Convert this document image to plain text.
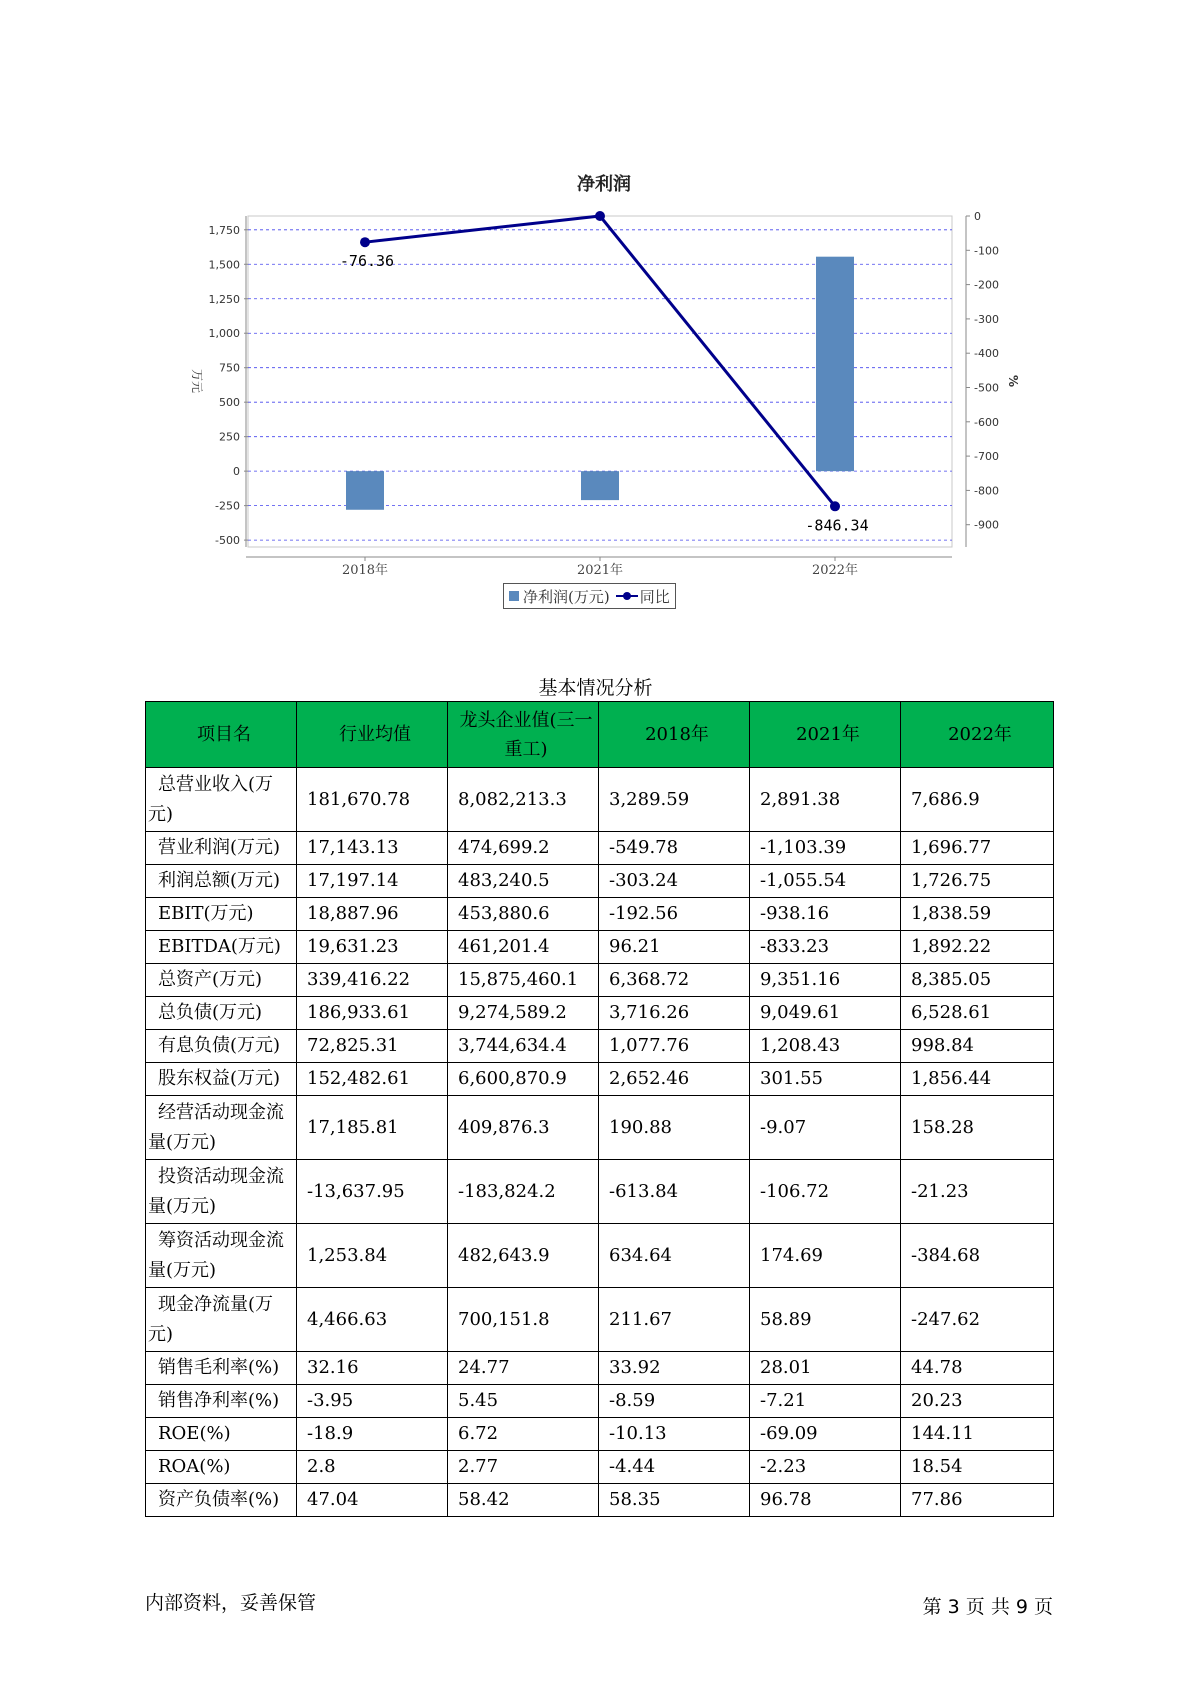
净利润
1,750
1,500
1,250
1,000
750
500
250
0
-250
-500
0
-100
-200
-300
-400
-500
-600
-700
-800
-900
万元	%
2018年	2021年	2022年
-76.36
-846.34
净利润(万元) 同比
基本情况分析
项目名	行业均值	龙头企业值(三一重工)	2018年	2021年	2022年
总营业收入(万元)	181,670.78	8,082,213.3	3,289.59	2,891.38	7,686.9
营业利润(万元)	17,143.13	474,699.2	-549.78	-1,103.39	1,696.77
利润总额(万元)	17,197.14	483,240.5	-303.24	-1,055.54	1,726.75
EBIT(万元)	18,887.96	453,880.6	-192.56	-938.16	1,838.59
EBITDA(万元)	19,631.23	461,201.4	96.21	-833.23	1,892.22
总资产(万元)	339,416.22	15,875,460.1	6,368.72	9,351.16	8,385.05
总负债(万元)	186,933.61	9,274,589.2	3,716.26	9,049.61	6,528.61
有息负债(万元)	72,825.31	3,744,634.4	1,077.76	1,208.43	998.84
股东权益(万元)	152,482.61	6,600,870.9	2,652.46	301.55	1,856.44
经营活动现金流量(万元)	17,185.81	409,876.3	190.88	-9.07	158.28
投资活动现金流量(万元)	-13,637.95	-183,824.2	-613.84	-106.72	-21.23
筹资活动现金流量(万元)	1,253.84	482,643.9	634.64	174.69	-384.68
现金净流量(万元)	4,466.63	700,151.8	211.67	58.89	-247.62
销售毛利率(%)	32.16	24.77	33.92	28.01	44.78
销售净利率(%)	-3.95	5.45	-8.59	-7.21	20.23
ROE(%)	-18.9	6.72	-10.13	-69.09	144.11
ROA(%)	2.8	2.77	-4.44	-2.23	18.54
资产负债率(%)	47.04	58.42	58.35	96.78	77.86
内部资料，妥善保管	第 3 页 共 9 页
